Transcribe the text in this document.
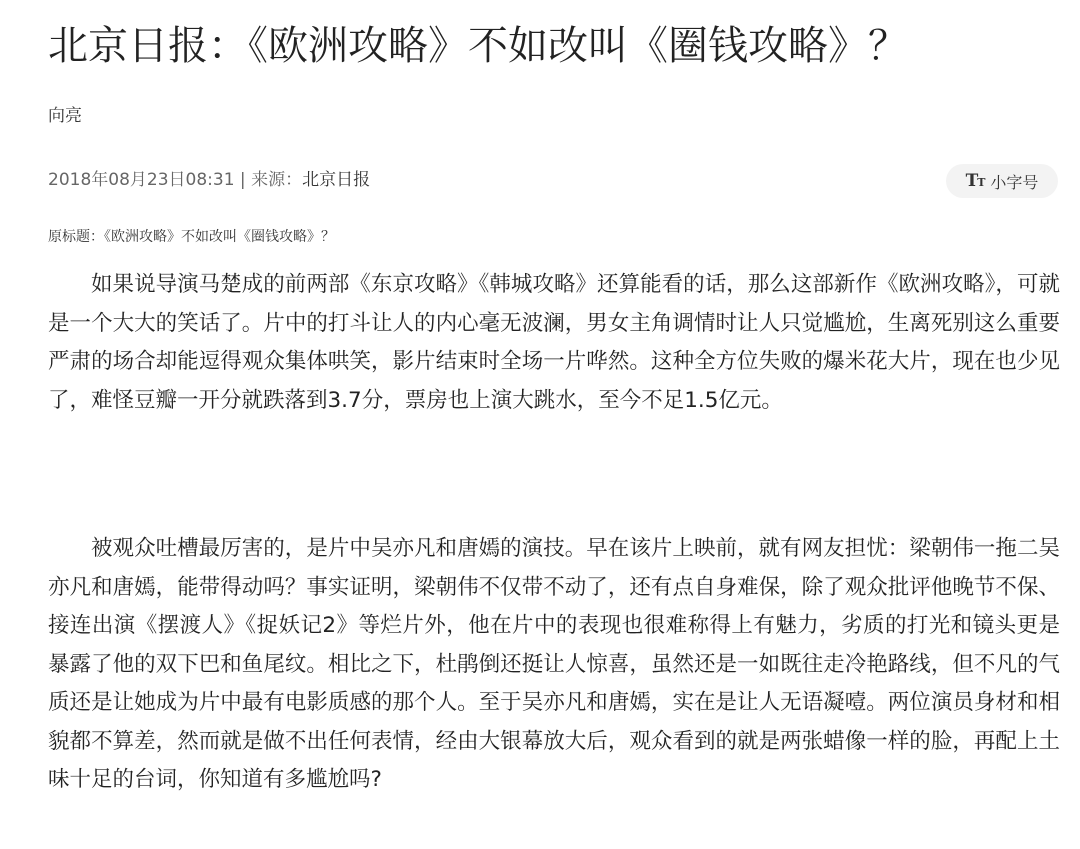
北京日报：《欧洲攻略》不如改叫《圈钱攻略》？
向亮
2018年08月23日08:31 | 来源：北京日报	TT 小字号
原标题：《欧洲攻略》不如改叫《圈钱攻略》？

如果说导演马楚成的前两部《东京攻略》《韩城攻略》还算能看的话，那么这部新作《欧洲攻略》，可就是一个大大的笑话了。片中的打斗让人的内心毫无波澜，男女主角调情时让人只觉尴尬，生离死别这么重要严肃的场合却能逗得观众集体哄笑，影片结束时全场一片哗然。这种全方位失败的爆米花大片，现在也少见了，难怪豆瓣一开分就跌落到3.7分，票房也上演大跳水，至今不足1.5亿元。

被观众吐槽最厉害的，是片中吴亦凡和唐嫣的演技。早在该片上映前，就有网友担忧：梁朝伟一拖二吴亦凡和唐嫣，能带得动吗？事实证明，梁朝伟不仅带不动了，还有点自身难保，除了观众批评他晚节不保、接连出演《摆渡人》《捉妖记2》等烂片外，他在片中的表现也很难称得上有魅力，劣质的打光和镜头更是暴露了他的双下巴和鱼尾纹。相比之下，杜鹃倒还挺让人惊喜，虽然还是一如既往走冷艳路线，但不凡的气质还是让她成为片中最有电影质感的那个人。至于吴亦凡和唐嫣，实在是让人无语凝噎。两位演员身材和相貌都不算差，然而就是做不出任何表情，经由大银幕放大后，观众看到的就是两张蜡像一样的脸，再配上土味十足的台词，你知道有多尴尬吗?
